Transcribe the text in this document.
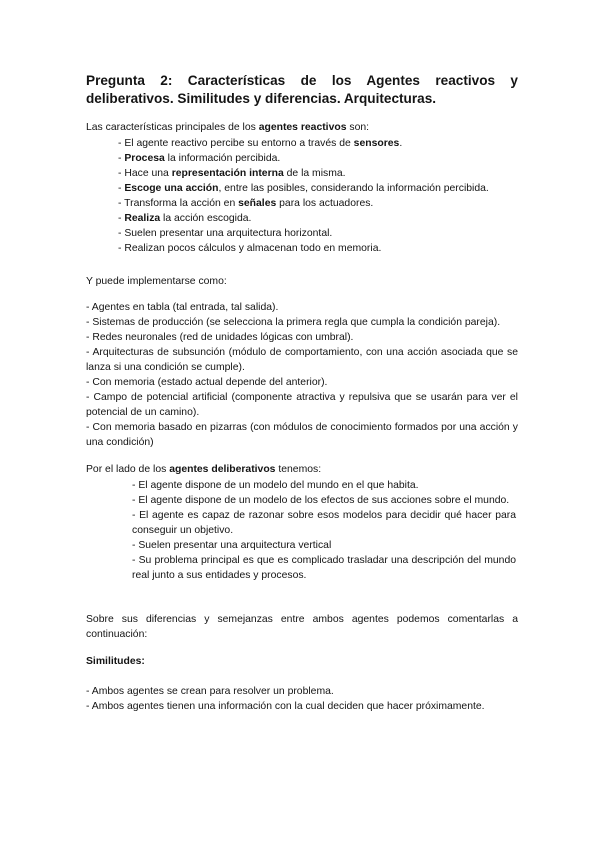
Pregunta 2: Características de los Agentes reactivos y deliberativos. Similitudes y diferencias. Arquitecturas.

Las características principales de los agentes reactivos son:

- El agente reactivo percibe su entorno a través de sensores.
- Procesa la información percibida.
- Hace una representación interna de la misma.
- Escoge una acción, entre las posibles, considerando la información percibida.
- Transforma la acción en señales para los actuadores.
- Realiza la acción escogida.
- Suelen presentar una arquitectura horizontal.
- Realizan pocos cálculos y almacenan todo en memoria.

Y puede implementarse como:

- Agentes en tabla (tal entrada, tal salida).
- Sistemas de producción (se selecciona la primera regla que cumpla la condición pareja).
- Redes neuronales (red de unidades lógicas con umbral).
- Arquitecturas de subsunción (módulo de comportamiento, con una acción asociada que se lanza si una condición se cumple).
- Con memoria (estado actual depende del anterior).
- Campo de potencial artificial (componente atractiva y repulsiva que se usarán para ver el potencial de un camino).
- Con memoria basado en pizarras (con módulos de conocimiento formados por una acción y una condición)

Por el lado de los agentes deliberativos tenemos:

- El agente dispone de un modelo del mundo en el que habita.
- El agente dispone de un modelo de los efectos de sus acciones sobre el mundo.
- El agente es capaz de razonar sobre esos modelos para decidir qué hacer para conseguir un objetivo.
- Suelen presentar una arquitectura vertical
- Su problema principal es que es complicado trasladar una descripción del mundo real junto a sus entidades y procesos.

Sobre sus diferencias y semejanzas entre ambos agentes podemos comentarlas a continuación:

Similitudes:

- Ambos agentes se crean para resolver un problema.
- Ambos agentes tienen una información con la cual deciden que hacer próximamente.
